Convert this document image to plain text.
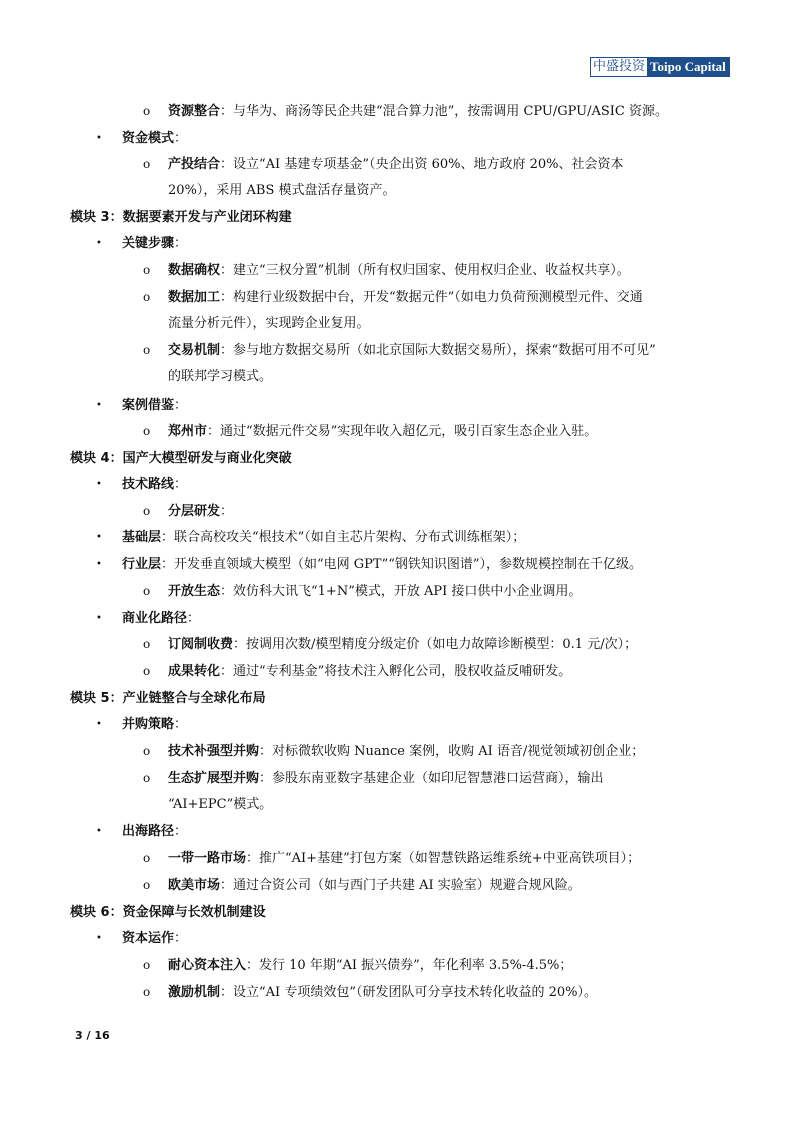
中盛投资 Toipo Capital
o 资源整合：与华为、商汤等民企共建“混合算力池”，按需调用 CPU/GPU/ASIC 资源。
• 资金模式：
o 产投结合：设立“AI 基建专项基金”（央企出资 60%、地方政府 20%、社会资本
20%），采用 ABS 模式盘活存量资产。
模块 3：数据要素开发与产业闭环构建
• 关键步骤：
o 数据确权：建立“三权分置”机制（所有权归国家、使用权归企业、收益权共享）。
o 数据加工：构建行业级数据中台，开发“数据元件”（如电力负荷预测模型元件、交通
流量分析元件），实现跨企业复用。
o 交易机制：参与地方数据交易所（如北京国际大数据交易所），探索“数据可用不可见”
的联邦学习模式。
• 案例借鉴：
o 郑州市：通过“数据元件交易”实现年收入超亿元，吸引百家生态企业入驻。
模块 4：国产大模型研发与商业化突破
• 技术路线：
o 分层研发：
• 基础层：联合高校攻关“根技术”（如自主芯片架构、分布式训练框架）；
• 行业层：开发垂直领域大模型（如“电网 GPT”“钢铁知识图谱”），参数规模控制在千亿级。
o 开放生态：效仿科大讯飞“1+N”模式，开放 API 接口供中小企业调用。
• 商业化路径：
o 订阅制收费：按调用次数/模型精度分级定价（如电力故障诊断模型：0.1 元/次）；
o 成果转化：通过“专利基金”将技术注入孵化公司，股权收益反哺研发。
模块 5：产业链整合与全球化布局
• 并购策略：
o 技术补强型并购：对标微软收购 Nuance 案例，收购 AI 语音/视觉领域初创企业；
o 生态扩展型并购：参股东南亚数字基建企业（如印尼智慧港口运营商），输出
“AI+EPC”模式。
• 出海路径：
o 一带一路市场：推广“AI+基建”打包方案（如智慧铁路运维系统+中亚高铁项目）；
o 欧美市场：通过合资公司（如与西门子共建 AI 实验室）规避合规风险。
模块 6：资金保障与长效机制建设
• 资本运作：
o 耐心资本注入：发行 10 年期“AI 振兴债券”，年化利率 3.5%-4.5%；
o 激励机制：设立“AI 专项绩效包”（研发团队可分享技术转化收益的 20%）。
3 / 16
